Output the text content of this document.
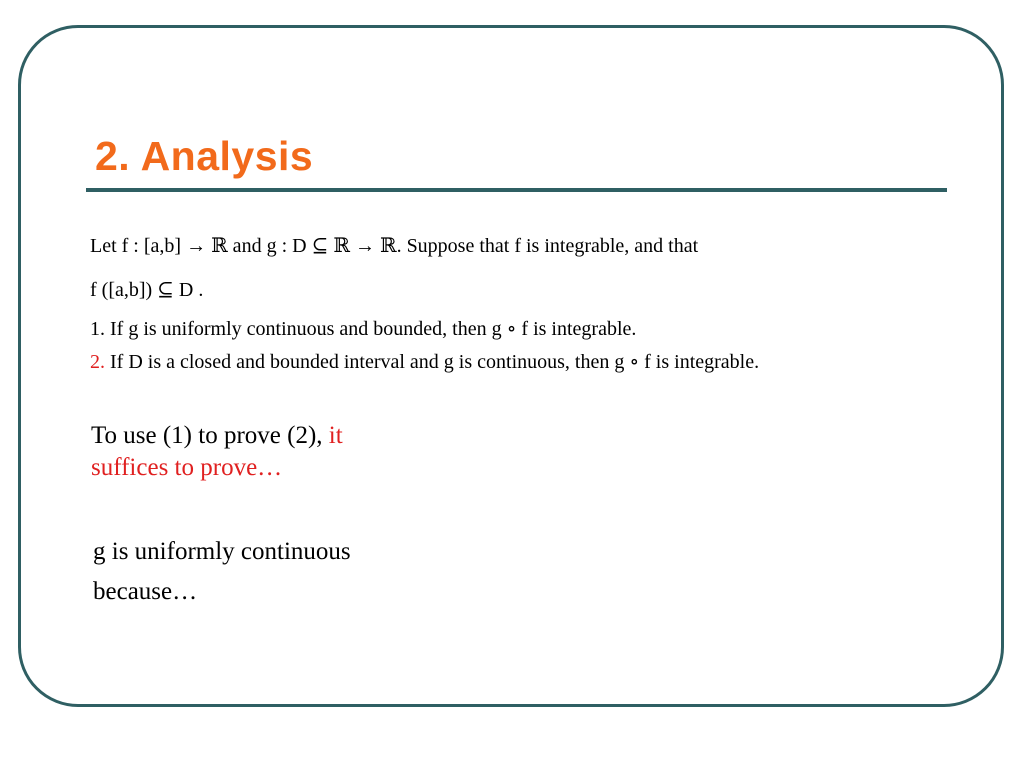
2. Analysis
Let f : [a,b] → ℝ and g : D ⊆ ℝ → ℝ. Suppose that f is integrable, and that
f ([a,b]) ⊆ D .
1. If g is uniformly continuous and bounded, then g ∘ f is integrable.
2. If D is a closed and bounded interval and g is continuous, then g ∘ f is integrable.
To use (1) to prove (2), it
suffices to prove…
g is uniformly continuous
because…
